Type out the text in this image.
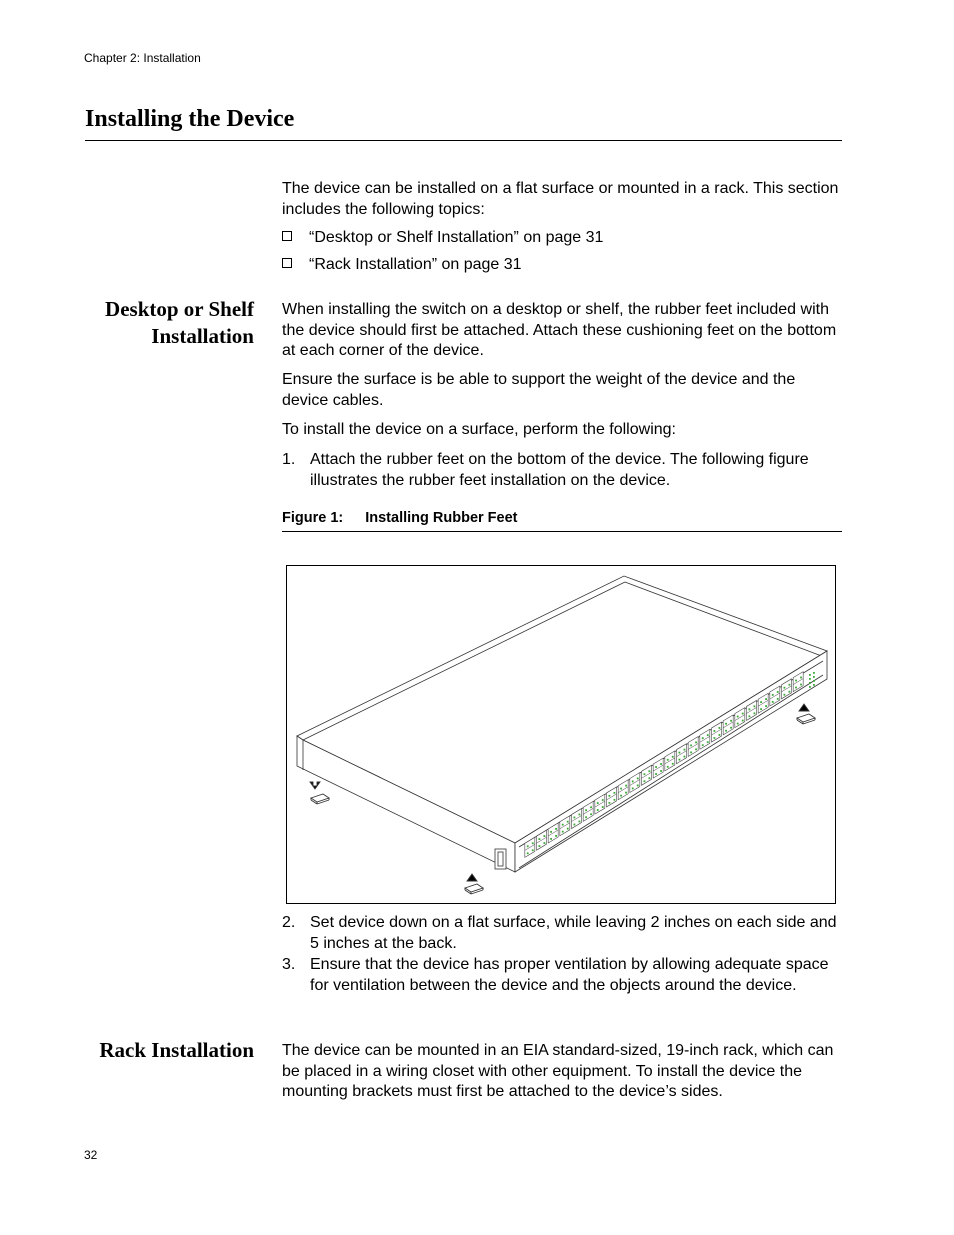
Chapter 2: Installation
Installing the Device

The device can be installed on a flat surface or mounted in a rack. This section includes the following topics:

“Desktop or Shelf Installation” on page 31
“Rack Installation” on page 31
Desktop or Shelf
Installation

When installing the switch on a desktop or shelf, the rubber feet included with the device should first be attached. Attach these cushioning feet on the bottom at each corner of the device.

Ensure the surface is be able to support the weight of the device and the device cables.

To install the device on a surface, perform the following:

1. Attach the rubber feet on the bottom of the device. The following figure illustrates the rubber feet installation on the device.
Figure 1: Installing Rubber Feet
2. Set device down on a flat surface, while leaving 2 inches on each side and 5 inches at the back.
3. Ensure that the device has proper ventilation by allowing adequate space for ventilation between the device and the objects around the device.
Rack Installation The device can be mounted in an EIA standard-sized, 19-inch rack, which can be placed in a wiring closet with other equipment. To install the device the mounting brackets must first be attached to the device’s sides.

32
